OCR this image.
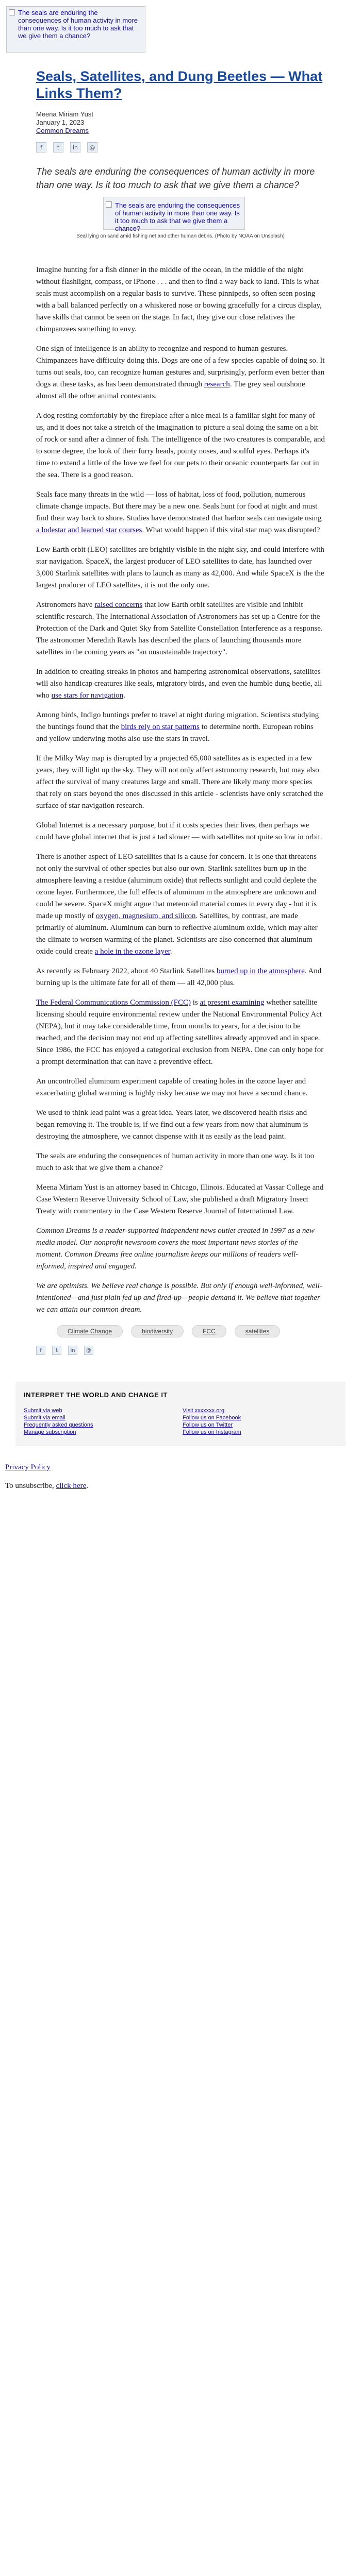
The seals are enduring the consequences of human activity in more than one way. Is it too much to ask that we give them a chance?
Seals, Satellites, and Dung Beetles — What Links Them?
Meena Miriam Yust
January 1, 2023
Common Dreams
f	t	in	@
The seals are enduring the consequences of human activity in more than one way. Is it too much to ask that we give them a chance?
The seals are enduring the consequences of human activity in more than one way. Is it too much to ask that we give them a chance?
Seal lying on sand amid fishing net and other human debris. (Photo by NOAA on Unsplash)

Imagine hunting for a fish dinner in the middle of the ocean, in the middle of the night without flashlight, compass, or iPhone . . . and then to find a way back to land. This is what seals must accomplish on a regular basis to survive. These pinnipeds, so often seen posing with a ball balanced perfectly on a whiskered nose or bowing gracefully for a circus display, have skills that cannot be seen on the stage. In fact, they give our close relatives the chimpanzees something to envy.

One sign of intelligence is an ability to recognize and respond to human gestures. Chimpanzees have difficulty doing this. Dogs are one of a few species capable of doing so. It turns out seals, too, can recognize human gestures and, surprisingly, perform even better than dogs at these tasks, as has been demonstrated through research. The grey seal outshone almost all the other animal contestants.

A dog resting comfortably by the fireplace after a nice meal is a familiar sight for many of us, and it does not take a stretch of the imagination to picture a seal doing the same on a bit of rock or sand after a dinner of fish. The intelligence of the two creatures is comparable, and to some degree, the look of their furry heads, pointy noses, and soulful eyes. Perhaps it's time to extend a little of the love we feel for our pets to their oceanic counterparts far out in the sea. There is a good reason.

Seals face many threats in the wild — loss of habitat, loss of food, pollution, numerous climate change impacts. But there may be a new one. Seals hunt for food at night and must find their way back to shore. Studies have demonstrated that harbor seals can navigate using a lodestar and learned star courses. What would happen if this vital star map was disrupted?

Low Earth orbit (LEO) satellites are brightly visible in the night sky, and could interfere with star navigation. SpaceX, the largest producer of LEO satellites to date, has launched over 3,000 Starlink satellites with plans to launch as many as 42,000. And while SpaceX is the the largest producer of LEO satellites, it is not the only one.

Astronomers have raised concerns that low Earth orbit satellites are visible and inhibit scientific research. The International Association of Astronomers has set up a Centre for the Protection of the Dark and Quiet Sky from Satellite Constellation Interference as a response. The astronomer Meredith Rawls has described the plans of launching thousands more satellites in the coming years as "an unsustainable trajectory".

In addition to creating streaks in photos and hampering astronomical observations, satellites will also handicap creatures like seals, migratory birds, and even the humble dung beetle, all who use stars for navigation.

Among birds, Indigo buntings prefer to travel at night during migration. Scientists studying the buntings found that the birds rely on star patterns to determine north. European robins and yellow underwing moths also use the stars in travel.

If the Milky Way map is disrupted by a projected 65,000 satellites as is expected in a few years, they will light up the sky. They will not only affect astronomy research, but may also affect the survival of many creatures large and small. There are likely many more species that rely on stars beyond the ones discussed in this article - scientists have only scratched the surface of star navigation research.

Global Internet is a necessary purpose, but if it costs species their lives, then perhaps we could have global internet that is just a tad slower — with satellites not quite so low in orbit.

There is another aspect of LEO satellites that is a cause for concern. It is one that threatens not only the survival of other species but also our own. Starlink satellites burn up in the atmosphere leaving a residue (aluminum oxide) that reflects sunlight and could deplete the ozone layer. Furthermore, the full effects of aluminum in the atmosphere are unknown and could be severe. SpaceX might argue that meteoroid material comes in every day - but it is made up mostly of oxygen, magnesium, and silicon. Satellites, by contrast, are made primarily of aluminum. Aluminum can burn to reflective aluminum oxide, which may alter the climate to worsen warming of the planet. Scientists are also concerned that aluminum oxide could create a hole in the ozone layer.

As recently as February 2022, about 40 Starlink Satellites burned up in the atmosphere. And burning up is the ultimate fate for all of them — all 42,000 plus.

The Federal Communications Commission (FCC) is at present examining whether satellite licensing should require environmental review under the National Environmental Policy Act (NEPA), but it may take considerable time, from months to years, for a decision to be reached, and the decision may not end up affecting satellites already approved and in space. Since 1986, the FCC has enjoyed a categorical exclusion from NEPA. One can only hope for a prompt determination that can have a preventive effect.

An uncontrolled aluminum experiment capable of creating holes in the ozone layer and exacerbating global warming is highly risky because we may not have a second chance.

We used to think lead paint was a great idea. Years later, we discovered health risks and began removing it. The trouble is, if we find out a few years from now that aluminum is destroying the atmosphere, we cannot dispense with it as easily as the lead paint.

The seals are enduring the consequences of human activity in more than one way. Is it too much to ask that we give them a chance?

Meena Miriam Yust is an attorney based in Chicago, Illinois. Educated at Vassar College and Case Western Reserve University School of Law, she published a draft Migratory Insect Treaty with commentary in the Case Western Reserve Journal of International Law.

Common Dreams is a reader-supported independent news outlet created in 1997 as a new media model. Our nonprofit newsroom covers the most important news stories of the moment. Common Dreams free online journalism keeps our millions of readers well-informed, inspired and engaged.

We are optimists. We believe real change is possible. But only if enough well-informed, well-intentioned—and just plain fed up and fired-up—people demand it. We believe that together we can attain our common dream.

Climate Change	biodiversity	FCC	satellites
f	t	in	@
INTERPRET THE WORLD AND CHANGE IT
Submit via web
Submit via email
Frequently asked questions
Manage subscription
Visit xxxxxxx.org
Follow us on Facebook
Follow us on Twitter
Follow us on Instagram
Privacy Policy
To unsubscribe, click here.
